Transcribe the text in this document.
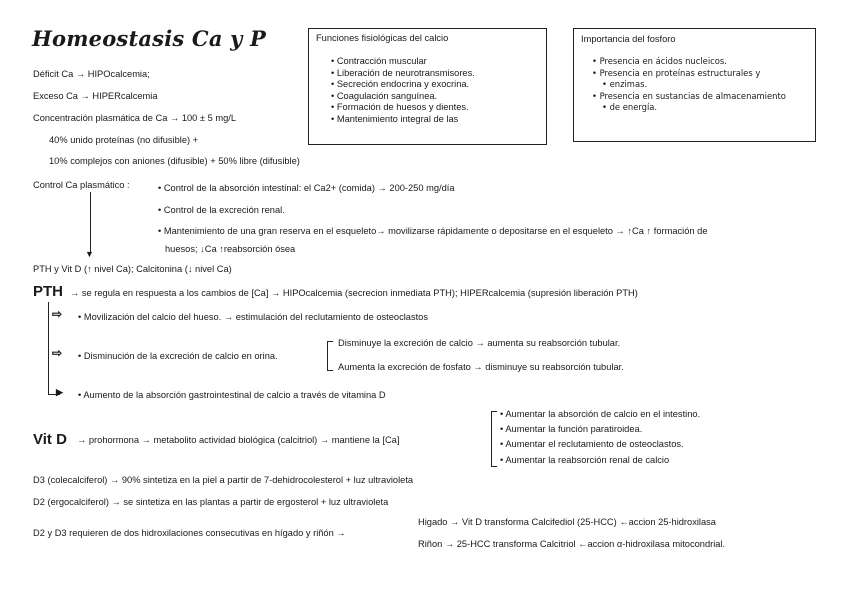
Homeostasis Ca y P	Funciones fisiológicas del calcio
• Contracción muscular
• Liberación de neurotransmisores.
• Secreción endocrina y exocrina.
• Coagulación sanguínea.
• Formación de huesos y dientes.
• Mantenimiento integral de las
Importancia del fosforo
• Presencia en ácidos nucleicos.
• Presencia en proteínas estructurales y
• enzimas.
• Presencia en sustancias de almacenamiento
• de energía.
Déficit Ca → HIPOcalcemia;
Exceso Ca → HIPERcalcemia
Concentración plasmática de Ca → 100 ± 5 mg/L
40% unido proteínas (no difusible) +
10% complejos con aniones (difusible) + 50% libre (difusible)
Control Ca plasmático :
▼
• Control de la absorción intestinal: el Ca2+ (comida) → 200-250 mg/día
• Control de la excreción renal.
• Mantenimiento de una gran reserva en el esqueleto→ movilizarse rápidamente o depositarse en el esqueleto → ↑Ca ↑ formación de
huesos; ↓Ca ↑reabsorción ósea
PTH y Vit D (↑ nivel Ca); Calcitonina (↓ nivel Ca)
PTH → se regula en respuesta a los cambios de [Ca] → HIPOcalcemia (secrecion inmediata PTH); HIPERcalcemia (supresión liberación PTH)
⇨
⇨
▶
• Movilización del calcio del hueso. → estimulación del reclutamiento de osteoclastos
• Disminución de la excreción de calcio en orina.
Disminuye la excreción de calcio → aumenta su reabsorción tubular.
Aumenta la excreción de fosfato → disminuye su reabsorción tubular.
• Aumento de la absorción gastrointestinal de calcio a través de vitamina D
Vit D → prohormona → metabolito actividad biológica (calcitriol) → mantiene la [Ca]
• Aumentar la absorción de calcio en el intestino.
• Aumentar la función paratiroidea.
• Aumentar el reclutamiento de osteoclastos.
• Aumentar la reabsorción renal de calcio
D3 (colecalciferol) → 90% sintetiza en la piel a partir de 7-dehidrocolesterol + luz ultravioleta
D2 (ergocalciferol) → se sintetiza en las plantas a partir de ergosterol + luz ultravioleta
D2 y D3 requieren de dos hidroxilaciones consecutivas en hígado y riñón →
Higado → Vit D transforma Calcifediol (25-HCC) ←accion 25-hidroxilasa
Riñon → 25-HCC transforma Calcitriol ←accion α-hidroxilasa mitocondrial.
